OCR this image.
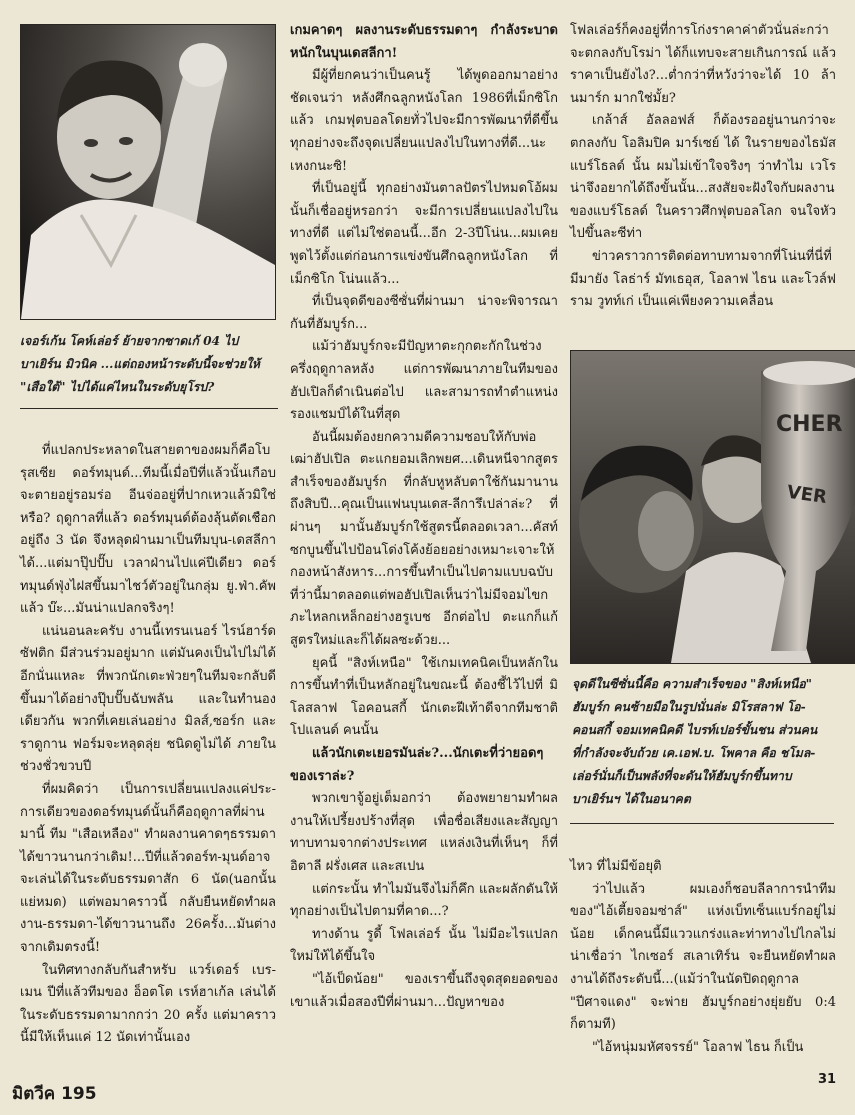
เจอร์เก้น โคห์เล่อร์ ย้ายจากซาดเก้ 04 ไป
บาเยิร์น มิวนิค ...แต่ถองหน้าระดับนี้จะช่วยให้
"เสือใต้" ไปได้แค่ไหนในระดับยุโรป?

ที่แปลกประหลาดในสายตาของผมก็คือโบรุสเซีย ดอร์ทมุนด์...ทีมนี้เมื่อปีที่แล้วนั้นเกือบจะตายอยู่รอมร่อ อีนจ่ออยู่ที่ปากเหวแล้วมิใช่หรือ? ฤดูกาลที่แล้ว ดอร์ทมุนด์ต้องลุ้นตัดเชือกอยู่ถึง 3 นัด จึงหลุดฝ่านมาเป็นทีมบุน-เดสลีกาได้...แต่มาปุ๊ปปั๊บ เวลาฝ่านไปแค่ปีเดียว ดอร์ทมุนด์ฟุ่งไฝสขึ้นมาไชว์ตัวอยู่ในกลุ่ม ยู.ฟ่า.คัพ แล้ว บ๊ะ...มันน่าแปลกจริงๆ!

แน่นอนละครับ งานนี้เทรนเนอร์ ไรน์ฮาร์ดซัฟติก มีส่วนร่วมอยู่มาก แต่มันคงเป็นไปไม่ได้อีกนั่นแหละ ที่พวกนักเตะฟ่วยๆในทีมจะกลับดีขึ้นมาได้อย่างปุ๊บปั๊บฉับพลัน และในทำนองเดียวกัน พวกที่เคยเล่นอย่าง มิลส์,ซอร์ก และ ราดูกาน ฟอร์มจะหลุดลุ่ย ชนิดดูไม่ได้ ภายในช่วงชั่วขวบปี

ที่ผมคิดว่า เป็นการเปลี่ยนแปลงแค่ประ-การเดียวของดอร์ทมุนด์นั้นก็คือฤดูกาลที่ผ่านมานี้ ทีม "เสือเหลือง" ทำผลงานคาดๆธรรมดา ได้ขาวนานกว่าเดิม!...ปีที่แล้วดอร์ท-มุนด์อาจจะเล่นได้ในระดับธรรมดาสัก 6 นัด(นอกนั้นแย่หมด) แต่พอมาคราวนี้ กลับยืนหยัดทำผลงาน-ธรรมดา-ได้ขาวนานถึง 26ครั้ง...มันต่างจากเดิมตรงนี้!

ในทิศทางกลับกันสำหรับ แวร์เดอร์ เบร-เมน ปีที่แล้วทีมของ อ็อตโต เรห์ฮาเก้ล เล่นได้ในระดับธรรมดามากกว่า 20 ครั้ง แต่มาคราวนี้มีให้เห็นแค่ 12 นัดเท่านั้นเอง

เกมคาดๆ ผลงานระดับธรรมดาๆ กำลังระบาดหนักในบุนเดสลีกา!

มีผู้ที่ยกคนว่าเป็นคนรู้ ได้พูดออกมาอย่างชัดเจนว่า หลังศึกฉลูกหนังโลก 1986ที่เม็กซิโกแล้ว เกมฟุตบอลโดยทั่วไปจะมีการพัฒนาที่ดีขึ้น ทุกอย่างจะถึงจุดเปลี่ยนแปลงไปในทางที่ดี...นะเหงกนะซิ!

ที่เป็นอยู่นี้ ทุกอย่างมันตาลปัตรไปหมดโอ้ผมนั้นก็เชื่ออยู่หรอกว่า จะมีการเปลี่ยนแปลงไปในทางที่ดี แต่ไม่ใช่ตอนนี้...อีก 2-3ปีโน่น...ผมเคยพูดไว้ตั้งแต่ก่อนการแข่งขันศึกฉลูกหนังโลก ที่เม็กซิโก โน่นแล้ว...

ที่เป็นจุดดีของซีซั่นที่ผ่านมา น่าจะพิจารณากันที่ฮัมบูร์ก...

แม้ว่าฮัมบูร์กจะมีปัญหาตะกุกตะกักในช่วงครึ่งฤดูกาลหลัง แต่การพัฒนาภายในทีมของฮัปเปิลก็ดำเนินต่อไป และสามารถทำตำแหน่งรองแชมป์ได้ในที่สุด

อันนี้ผมต้องยกความดีความชอบให้กับพ่อเฒ่าฮัปเปิล ตะแกยอมเลิกพยศ...เดินหนีจากสูตรสำเร็จของฮัมบูร์ก ที่กลับหูหลับตาใช้กันมานานถึงสิบปี...คุณเป็นแฟนบุนเดส-ลีการึเปล่าล่ะ? ที่ผ่านๆ มานั้นฮัมบูร์กใช้สูตรนี้ตลอดเวลา...คัสท์ซกบูนขึ้นไปป้อนโด่งโค้งย้อยอย่างเหมาะเจาะให้กองหน้าสังหาร...การขึ้นทำเป็นไปตามแบบฉบับที่ว่านี้มาตลอดแต่พอฮัปเปิลเห็นว่าไม่มีจอมไขก ภะไหลกเหล็กอย่างฮรูเบช อีกต่อไป ตะแกก็แก้สูตรใหม่และก็ได้ผลซะด้วย...

ยุคนี้ "สิงห์เหนือ" ใช้เกมเทคนิคเป็นหลักในการขึ้นทำที่เป็นหลักอยู่ในขณะนี้ ต้องชี้ไว้ไปที่ มิโลสลาฟ โอคอนสกี้ นักเตะฝีเท้าดีจากทีมชาติโปแลนด์ คนนั้น

แล้วนักเตะเยอรมันล่ะ?...นักเตะที่ว่ายอดๆ ของเราล่ะ?

พวกเขาจู้อยู่เต็มอกว่า ต้องพยายามทำผลงานให้เปรี้ยงปร้างที่สุด เพื่อชื่อเสียงและสัญญาทาบทามจากต่างประเทศ แหล่งเงินที่เห็นๆ ก็ที่อิตาลี ฝรั่งเศส และสเปน

แต่กระนั้น ทำไมมันจึงไม่ก็คึก และผลักดันให้ทุกอย่างเป็นไปตามที่คาด...?

ทางด้าน รูดี้ โฟลเล่อร์ นั้น ไม่มีอะไรแปลกใหม่ให้ได้ขึ้นใจ

"ไอ้เป็ดน้อย" ของเราขึ้นถึงจุดสุดยอดของเขาแล้วเมื่อสองปีที่ผ่านมา...ปัญหาของ

โฟลเล่อร์ก็คงอยู่ที่การโก่งราคาค่าตัวนั่นล่ะกว่าจะตกลงกับโรม่า ได้ก็แทบจะสายเกินการณ์ แล้วราคาเป็นยังไง?...ต่ำกว่าที่หวังว่าจะได้ 10 ล้านมาร์ก มากใช่มั้ย?

เกล้าส์ อัลลอฟส์ ก็ต้องรออยู่นานกว่าจะตกลงกับ โอลิมปิค มาร์เซย์ ได้ ในรายของไธมัส แบร์โธลด์ นั้น ผมไม่เข้าใจจริงๆ ว่าทำไม เวโรน่าจึงอยากได้ถึงขั้นนั้น...สงสัยจะฝังใจกับผลงานของแบร์โธลด์ ในคราวศึกฟุตบอลโลก จนใจหัวไปขึ้นละซีท่า

ข่าวคราวการติดต่อทาบทามจากที่โน่นที่นี่ที่มีมายัง โลธ่าร์ มัทเธอุส, โอลาฟ ไธน และโวล์ฟราม วูทท์เก่ เป็นแค่เพียงความเคลื่อน

CHER
VER
จุดดีในซีซั่นนี้คือ ความสำเร็จของ "สิงห์เหนือ"
ฮัมบูร์ก คนซ้ายมือในรูปนั่นล่ะ มิโรสลาฟ โอ-
คอนสกี้ จอมเทคนิคดี ไบรท์เปอร์ขั้นชน ส่วนคน
ที่กำลังจะจับถ้วย เค.เอฟ.บ. โพคาล คือ ชโมล-
เล่อร์นั่นก็เป็นพลังที่จะดันให้ฮัมบูร์กขึ้นทาบ
บาเยิร์นฯ ได้ในอนาคต

ไหว ที่ไม่มีข้อยุติ

ว่าไปแล้ว ผมเองก็ชอบลีลาการนำทีมของ"ไอ้เตี้ยจอมซ่าส์" แห่งเบ็ทเซ็นแบร์กอยู่ไม่น้อย เด็กคนนี้มีแววแกร่งและท่าทางไปไกลไม่น่าเชื่อว่า ไกเซอร์ สเลาเทิร์น จะยืนหยัดทำผลงานได้ถึงระดับนี้...(แม้ว่าในนัดปิดฤดูกาล "ปีศาจแดง" จะพ่าย ฮัมบูร์กอย่างยุ่ยยับ 0:4 ก็ตามที)

"ไอ้หนุ่มมหัศจรรย์" โอลาฟ ไธน ก็เป็น

มิตวีค 195
31
